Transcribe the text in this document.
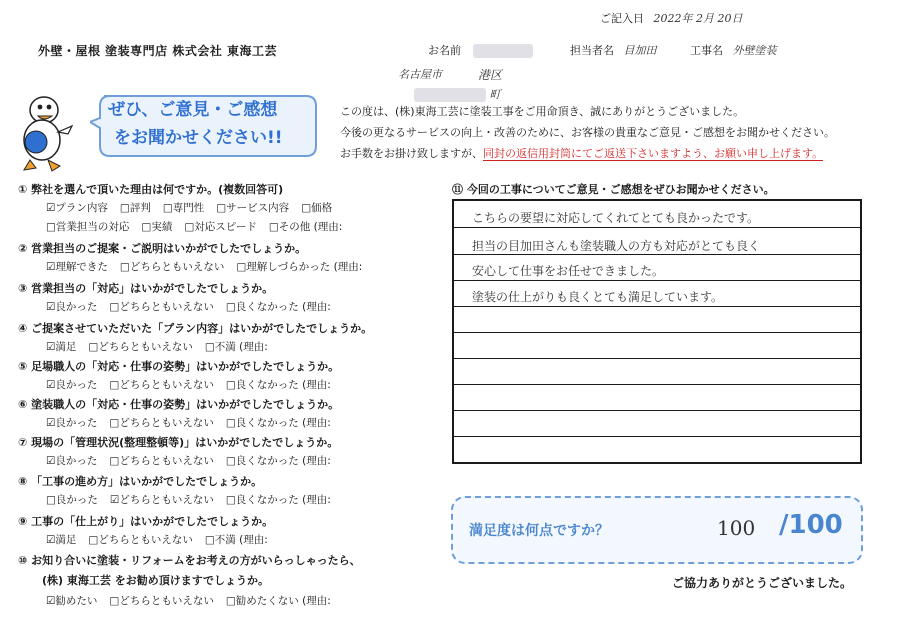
ご記入日 2022年 2月 20日
外壁・屋根 塗装専門店 株式会社 東海工芸	お名前	担当者名 目加田	工事名 外壁塗装
名古屋市	港区
町
ぜひ、ご意見・ご感想
をお聞かせください!!
この度は、(株)東海工芸に塗装工事をご用命頂き、誠にありがとうございました。
今後の更なるサービスの向上・改善のために、お客様の貴重なご意見・ご感想をお聞かせください。
お手数をお掛け致しますが、同封の返信用封筒にてご返送下さいますよう、お願い申し上げます。
① 弊社を選んで頂いた理由は何ですか。(複数回答可)
☑プラン内容 □評判 □専門性 □サービス内容 □価格
□営業担当の対応 □実績 □対応スピード □その他 (理由:
② 営業担当のご提案・ご説明はいかがでしたでしょうか。
☑理解できた □どちらともいえない □理解しづらかった (理由:
③ 営業担当の「対応」はいかがでしたでしょうか。
☑良かった □どちらともいえない □良くなかった (理由:
④ ご提案させていただいた「プラン内容」はいかがでしたでしょうか。
☑満足 □どちらともいえない □不満 (理由:
⑤ 足場職人の「対応・仕事の姿勢」はいかがでしたでしょうか。
☑良かった □どちらともいえない □良くなかった (理由:
⑥ 塗装職人の「対応・仕事の姿勢」はいかがでしたでしょうか。
☑良かった □どちらともいえない □良くなかった (理由:
⑦ 現場の「管理状況(整理整頓等)」はいかがでしたでしょうか。
☑良かった □どちらともいえない □良くなかった (理由:
⑧ 「工事の進め方」はいかがでしたでしょうか。
□良かった ☑どちらともいえない □良くなかった (理由:
⑨ 工事の「仕上がり」はいかがでしたでしょうか。
☑満足 □どちらともいえない □不満 (理由:
⑩ お知り合いに塗装・リフォームをお考えの方がいらっしゃったら、
(株) 東海工芸 をお勧め頂けますでしょうか。
☑勧めたい □どちらともいえない □勧めたくない (理由:
⑪ 今回の工事についてご意見・ご感想をぜひお聞かせください。
こちらの要望に対応してくれてとても良かったです。
担当の目加田さんも塗装職人の方も対応がとても良く
安心して仕事をお任せできました。
塗装の仕上がりも良くとても満足しています。
満足度は何点ですか？	100 /100
ご協力ありがとうございました。
